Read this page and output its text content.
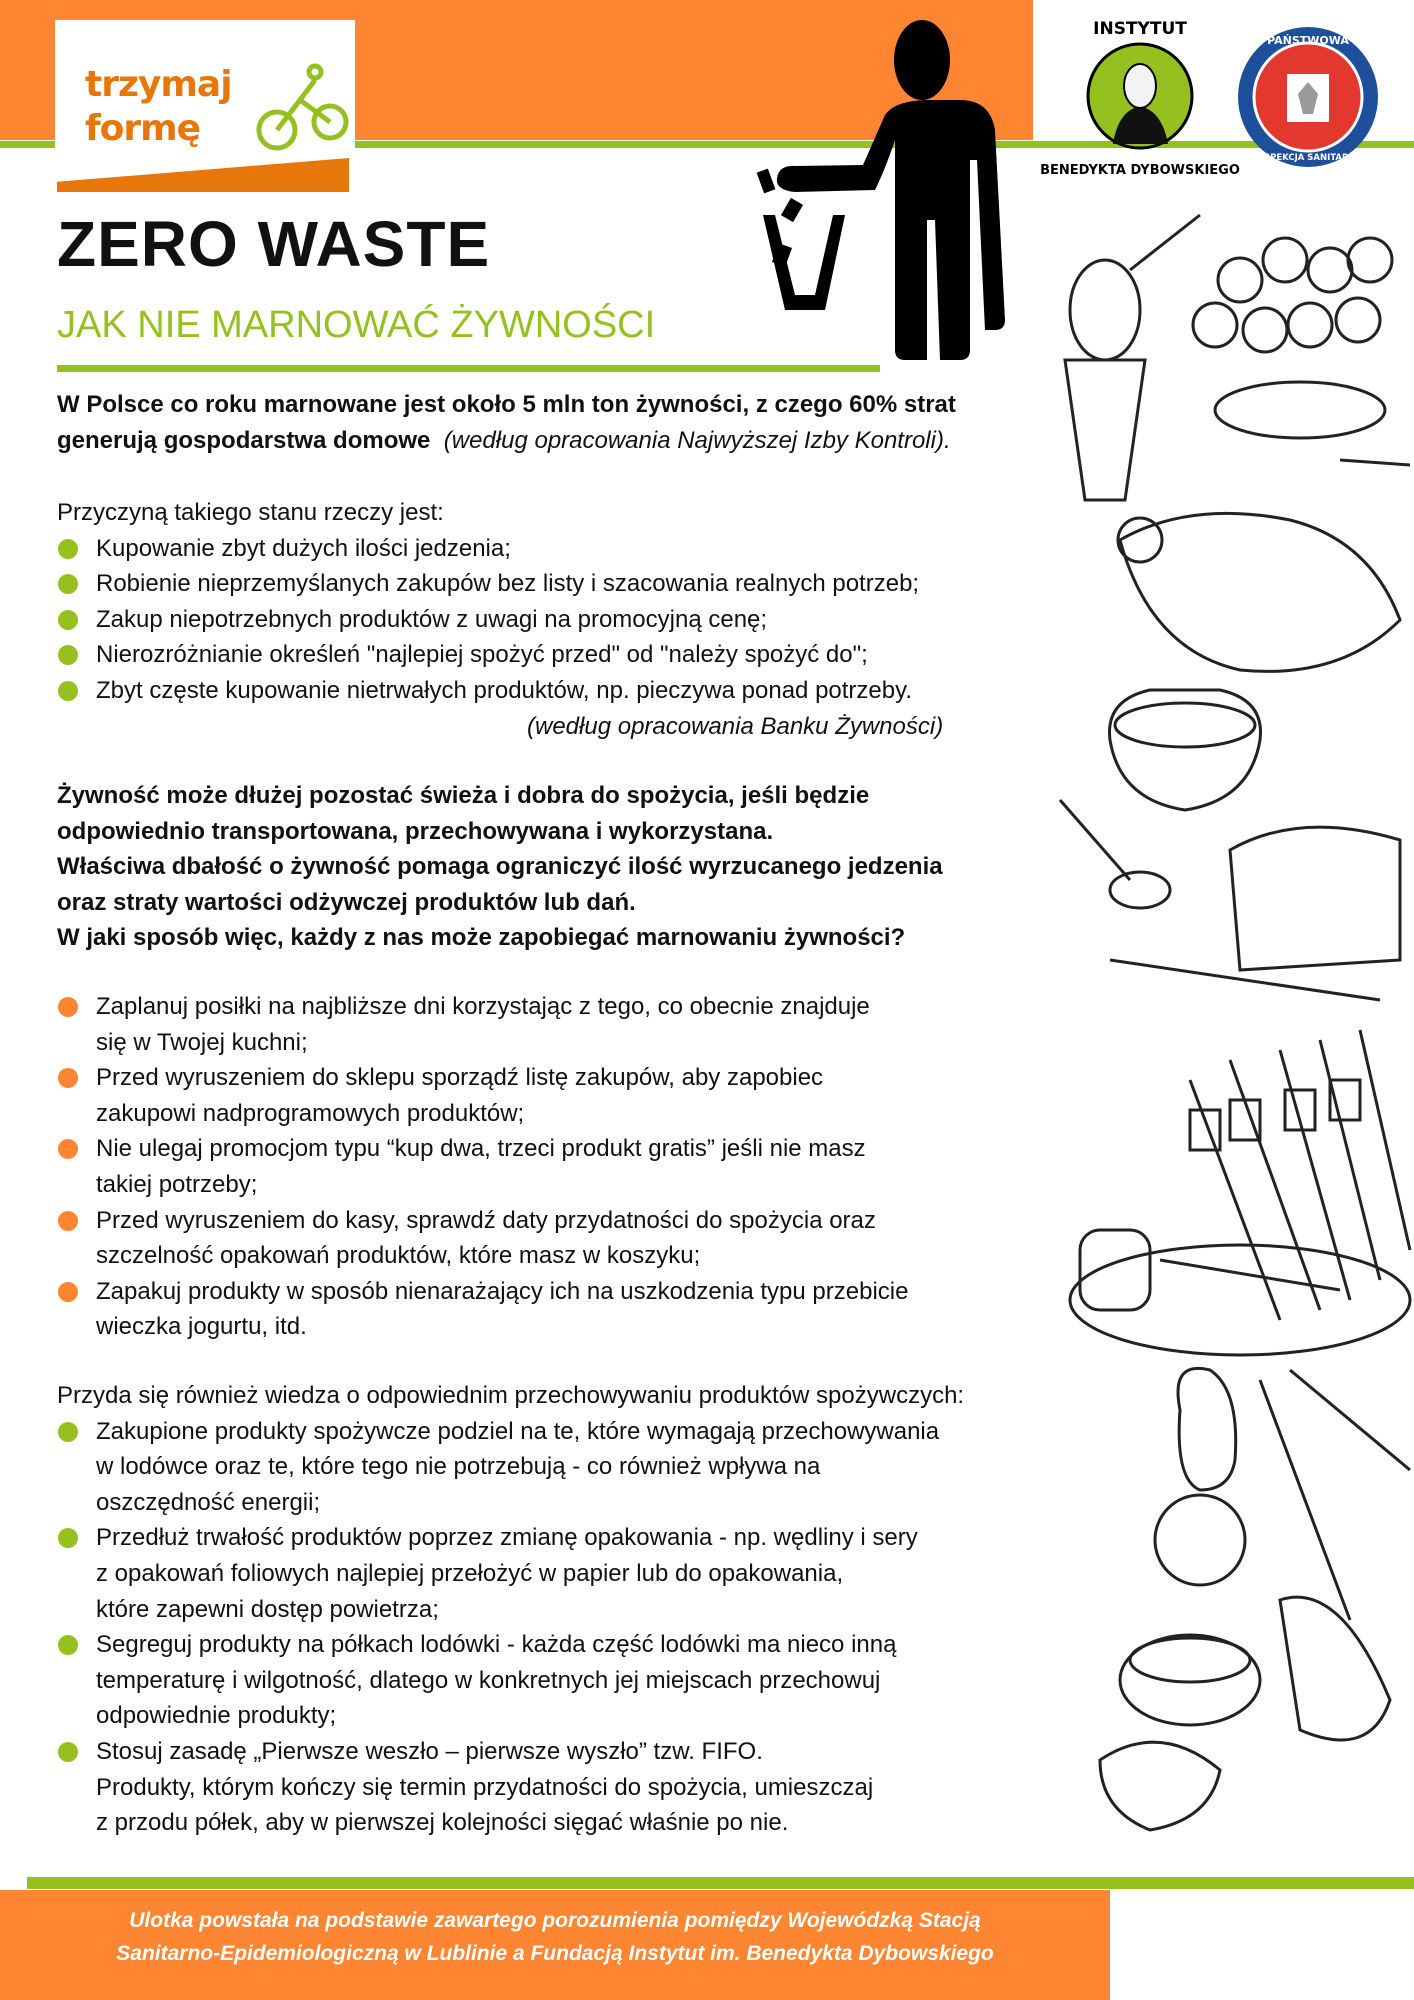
trzymaj
formę
INSTYTUT
BENEDYKTA DYBOWSKIEGO
PAŃSTWOWA
INSPEKCJA SANITARNA
ZERO WASTE
JAK NIE MARNOWAĆ ŻYWNOŚCI
W Polsce co roku marnowane jest około 5 mln ton żywności, z czego 60% strat
generują gospodarstwa domowe (według opracowania Najwyższej Izby Kontroli).
Przyczyną takiego stanu rzeczy jest:
Kupowanie zbyt dużych ilości jedzenia;
Robienie nieprzemyślanych zakupów bez listy i szacowania realnych potrzeb;
Zakup niepotrzebnych produktów z uwagi na promocyjną cenę;
Nierozróżnianie określeń "najlepiej spożyć przed" od "należy spożyć do";
Zbyt częste kupowanie nietrwałych produktów, np. pieczywa ponad potrzeby.
(według opracowania Banku Żywności)
Żywność może dłużej pozostać świeża i dobra do spożycia, jeśli będzie
odpowiednio transportowana, przechowywana i wykorzystana.
Właściwa dbałość o żywność pomaga ograniczyć ilość wyrzucanego jedzenia
oraz straty wartości odżywczej produktów lub dań.
W jaki sposób więc, każdy z nas może zapobiegać marnowaniu żywności?
Zaplanuj posiłki na najbliższe dni korzystając z tego, co obecnie znajduje
się w Twojej kuchni;
Przed wyruszeniem do sklepu sporządź listę zakupów, aby zapobiec
zakupowi nadprogramowych produktów;
Nie ulegaj promocjom typu “kup dwa, trzeci produkt gratis” jeśli nie masz
takiej potrzeby;
Przed wyruszeniem do kasy, sprawdź daty przydatności do spożycia oraz
szczelność opakowań produktów, które masz w koszyku;
Zapakuj produkty w sposób nienarażający ich na uszkodzenia typu przebicie
wieczka jogurtu, itd.
Przyda się również wiedza o odpowiednim przechowywaniu produktów spożywczych:
Zakupione produkty spożywcze podziel na te, które wymagają przechowywania
w lodówce oraz te, które tego nie potrzebują - co również wpływa na
oszczędność energii;
Przedłuż trwałość produktów poprzez zmianę opakowania - np. wędliny i sery
z opakowań foliowych najlepiej przełożyć w papier lub do opakowania,
które zapewni dostęp powietrza;
Segreguj produkty na półkach lodówki - każda część lodówki ma nieco inną
temperaturę i wilgotność, dlatego w konkretnych jej miejscach przechowuj
odpowiednie produkty;
Stosuj zasadę „Pierwsze weszło – pierwsze wyszło” tzw. FIFO.
Produkty, którym kończy się termin przydatności do spożycia, umieszczaj
z przodu półek, aby w pierwszej kolejności sięgać właśnie po nie.

Ulotka powstała na podstawie zawartego porozumienia pomiędzy Wojewódzką Stacją
Sanitarno-Epidemiologiczną w Lublinie a Fundacją Instytut im. Benedykta Dybowskiego
